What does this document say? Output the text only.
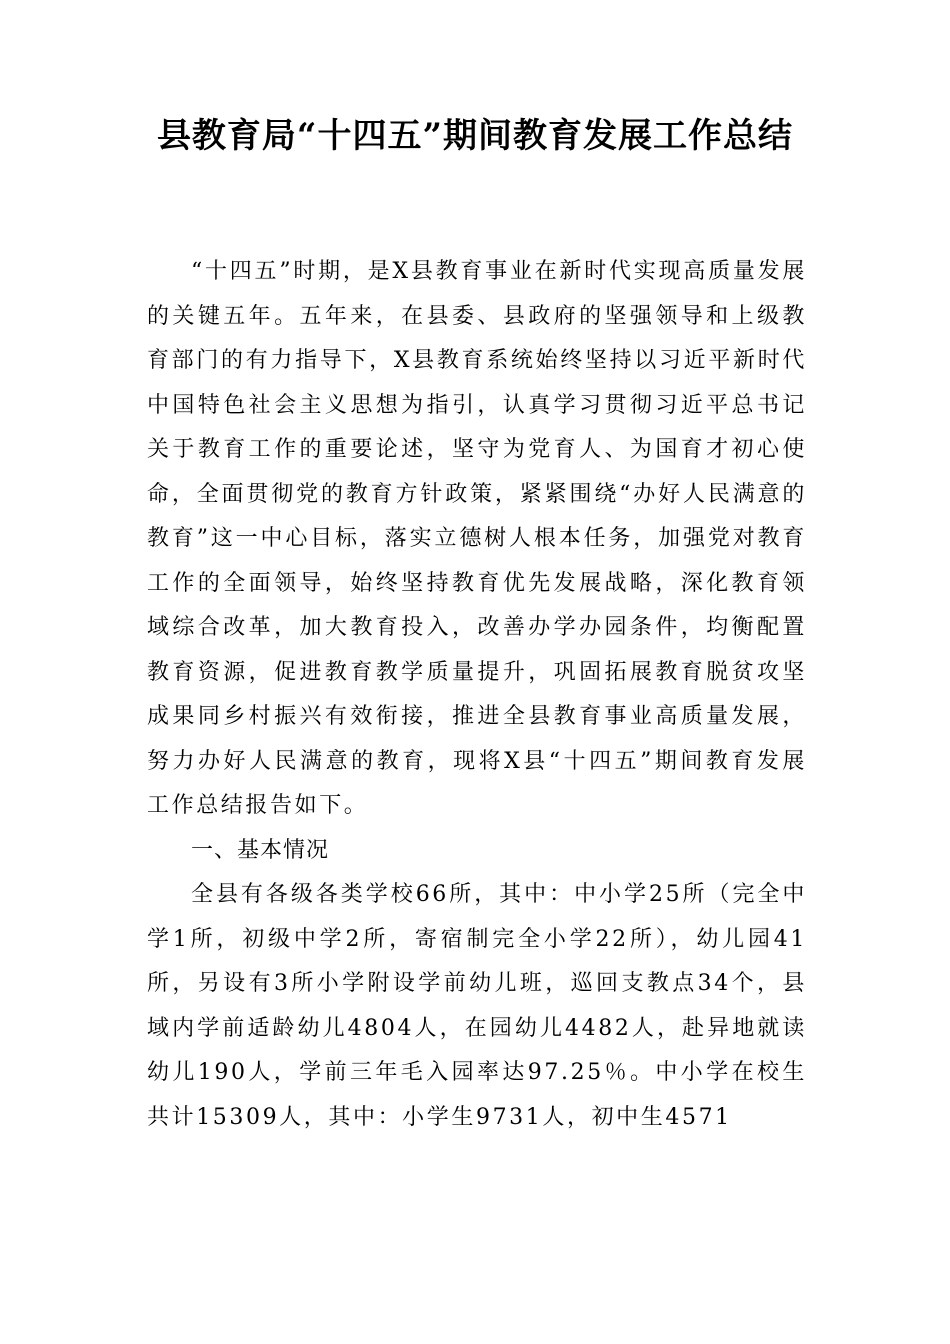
县教育局“十四五”期间教育发展工作总结

“十四五”时期，是X县教育事业在新时代实现高质量发展的关键五年。五年来，在县委、县政府的坚强领导和上级教育部门的有力指导下，X县教育系统始终坚持以习近平新时代中国特色社会主义思想为指引，认真学习贯彻习近平总书记关于教育工作的重要论述，坚守为党育人、为国育才初心使命，全面贯彻党的教育方针政策，紧紧围绕“办好人民满意的教育”这一中心目标，落实立德树人根本任务，加强党对教育工作的全面领导，始终坚持教育优先发展战略，深化教育领域综合改革，加大教育投入，改善办学办园条件，均衡配置教育资源，促进教育教学质量提升，巩固拓展教育脱贫攻坚成果同乡村振兴有效衔接，推进全县教育事业高质量发展，努力办好人民满意的教育，现将X县“十四五”期间教育发展工作总结报告如下。

一、基本情况

全县有各级各类学校66所，其中：中小学25所（完全中学1所，初级中学2所，寄宿制完全小学22所），幼儿园41所，另设有3所小学附设学前幼儿班，巡回支教点34个，县域内学前适龄幼儿4804人，在园幼儿4482人，赴异地就读幼儿190人，学前三年毛入园率达97.25％。中小学在校生共计15309人，其中：小学生9731人，初中生4571
